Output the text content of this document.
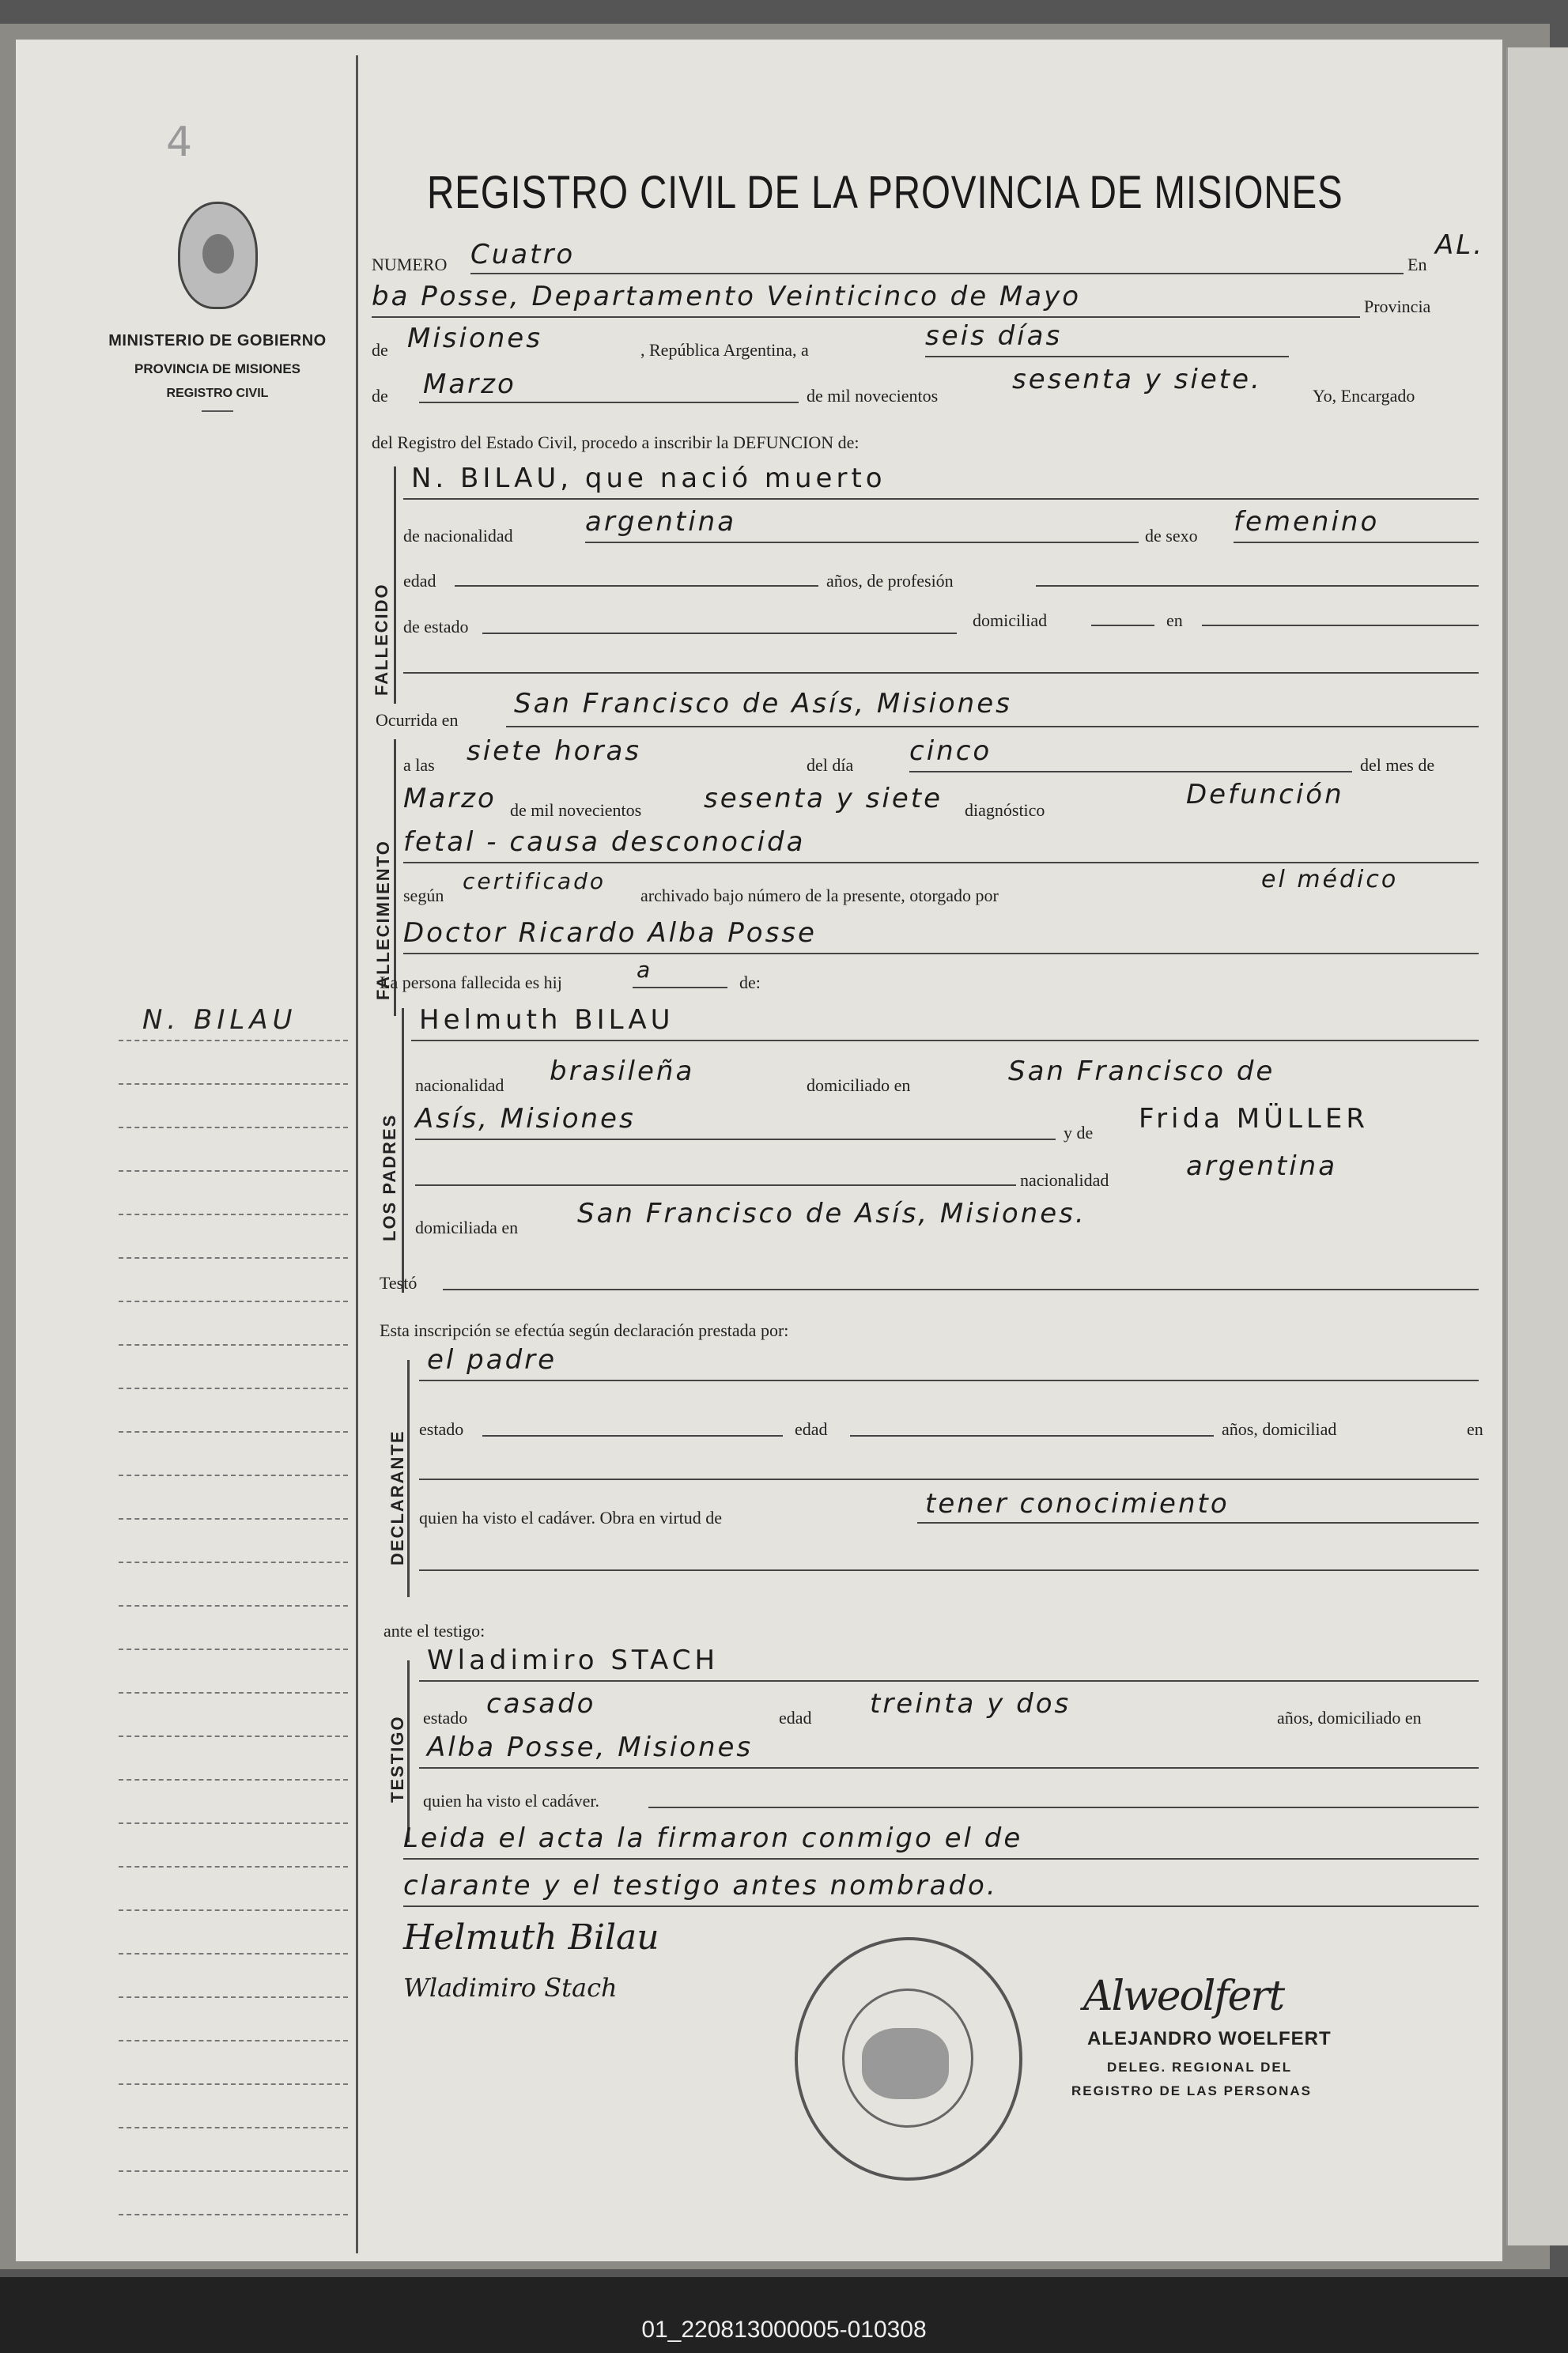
4
MINISTERIO DE GOBIERNO
PROVINCIA DE MISIONES
REGISTRO CIVIL
REGISTRO CIVIL DE LA PROVINCIA DE MISIONES
N. BILAU
NUMERO Cuatro	En
AL.
ba Posse, Departamento Veinticinco de Mayo	Provincia
de Misiones	, República Argentina, a	seis días
de Marzo	de mil novecientos
sesenta y siete.
Yo, Encargado
del Registro del Estado Civil, procedo a inscribir la DEFUNCION de:
FALLECIDO
N. BILAU, que nació muerto
de nacionalidad	argentina	de sexo femenino
edad	años, de profesión
de estado	domiciliad	en
Ocurrida en
San Francisco de Asís, Misiones
FALLECIMIENTO
a las siete horas	del día cinco	del mes de
Marzo de mil novecientos sesenta y siete diagnóstico	Defunción
fetal - causa desconocida
según
certificado
archivado bajo número de la presente, otorgado por
el médico
Doctor Ricardo Alba Posse
La persona fallecida es hij	a	de:
LOS PADRES
Helmuth BILAU
nacionalidad brasileña	domiciliado en	San Francisco de
Asís, Misiones	y de Frida MÜLLER
nacionalidad	argentina
domiciliada en San Francisco de Asís, Misiones.
Testó
Esta inscripción se efectúa según declaración prestada por:
DECLARANTE
el padre
estado	edad	años, domiciliad	en
quien ha visto el cadáver. Obra en virtud de	tener conocimiento
ante el testigo:
TESTIGO
Wladimiro STACH
estado casado	edad treinta y dos	años, domiciliado en
Alba Posse, Misiones
quien ha visto el cadáver.
Leida el acta la firmaron conmigo el de
clarante y el testigo antes nombrado.
Helmuth Bilau
Wladimiro Stach	Alweolfert
ALEJANDRO WOELFERT
DELEG. REGIONAL DEL
REGISTRO DE LAS PERSONAS
01_220813000005-010308
